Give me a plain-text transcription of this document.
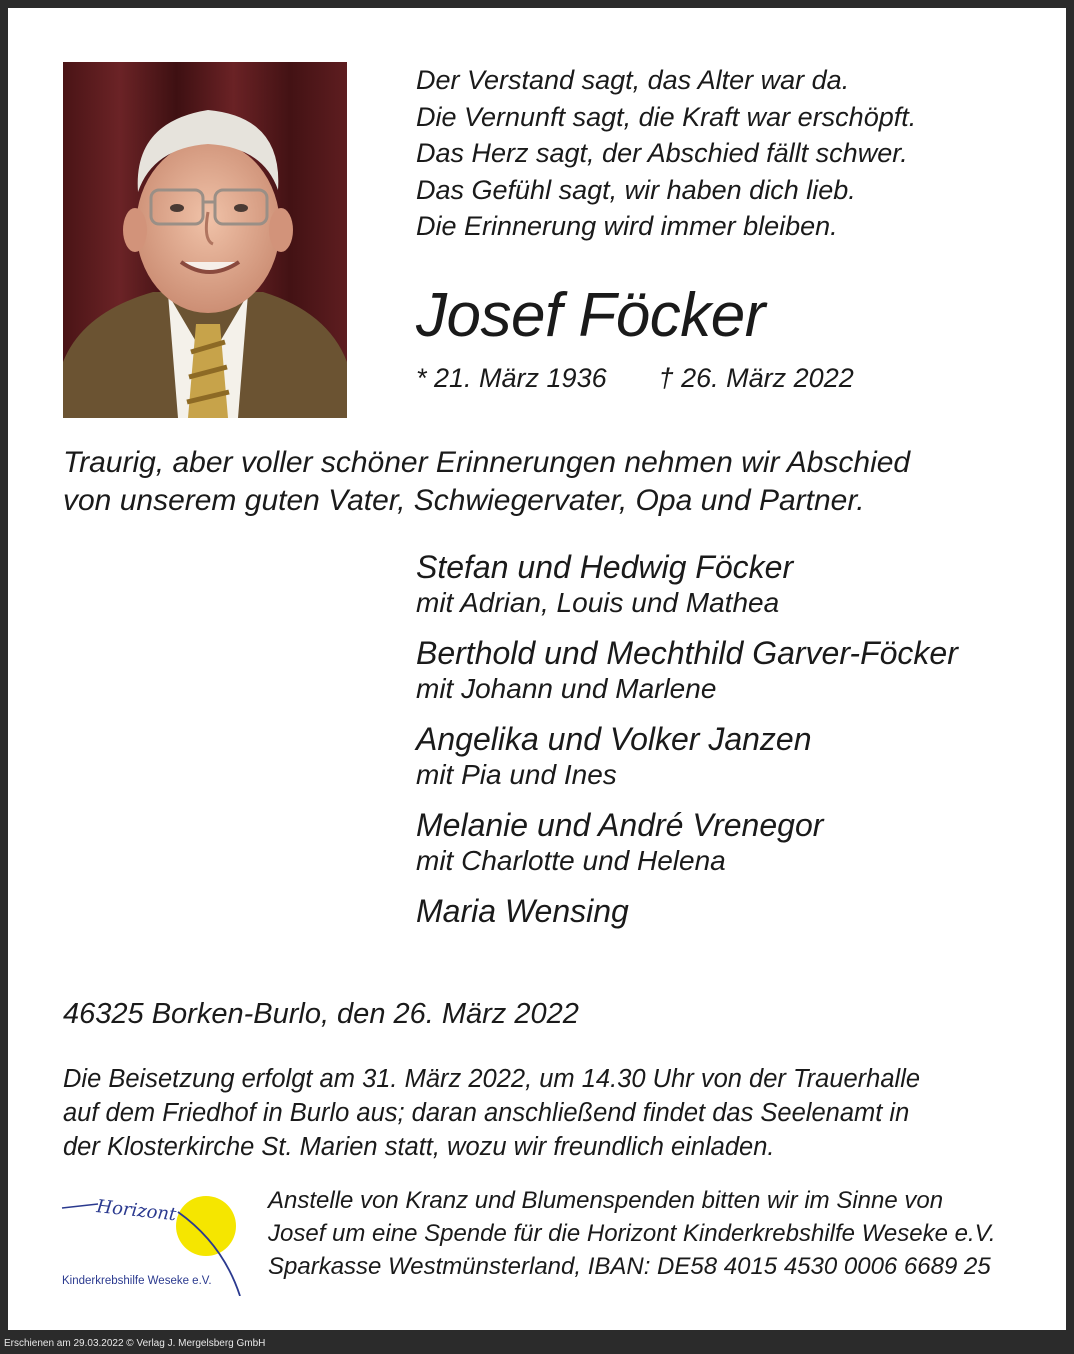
Der Verstand sagt, das Alter war da.
Die Vernunft sagt, die Kraft war erschöpft.
Das Herz sagt, der Abschied fällt schwer.
Das Gefühl sagt, wir haben dich lieb.
Die Erinnerung wird immer bleiben.
Josef Föcker
* 21. März 1936 † 26. März 2022
Traurig, aber voller schöner Erinnerungen nehmen wir Abschied
von unserem guten Vater, Schwiegervater, Opa und Partner.
Stefan und Hedwig Föcker
mit Adrian, Louis und Mathea
Berthold und Mechthild Garver-Föcker
mit Johann und Marlene
Angelika und Volker Janzen
mit Pia und Ines
Melanie und André Vrenegor
mit Charlotte und Helena
Maria Wensing
46325 Borken-Burlo, den 26. März 2022
Die Beisetzung erfolgt am 31. März 2022, um 14.30 Uhr von der Trauerhalle
auf dem Friedhof in Burlo aus; daran anschließend findet das Seelenamt in
der Klosterkirche St. Marien statt, wozu wir freundlich einladen.
Horizont
Kinderkrebshilfe Weseke e.V.
Anstelle von Kranz und Blumenspenden bitten wir im Sinne von
Josef um eine Spende für die Horizont Kinderkrebshilfe Weseke e.V.
Sparkasse Westmünsterland, IBAN: DE58 4015 4530 0006 6689 25
Erschienen am 29.03.2022 © Verlag J. Mergelsberg GmbH
